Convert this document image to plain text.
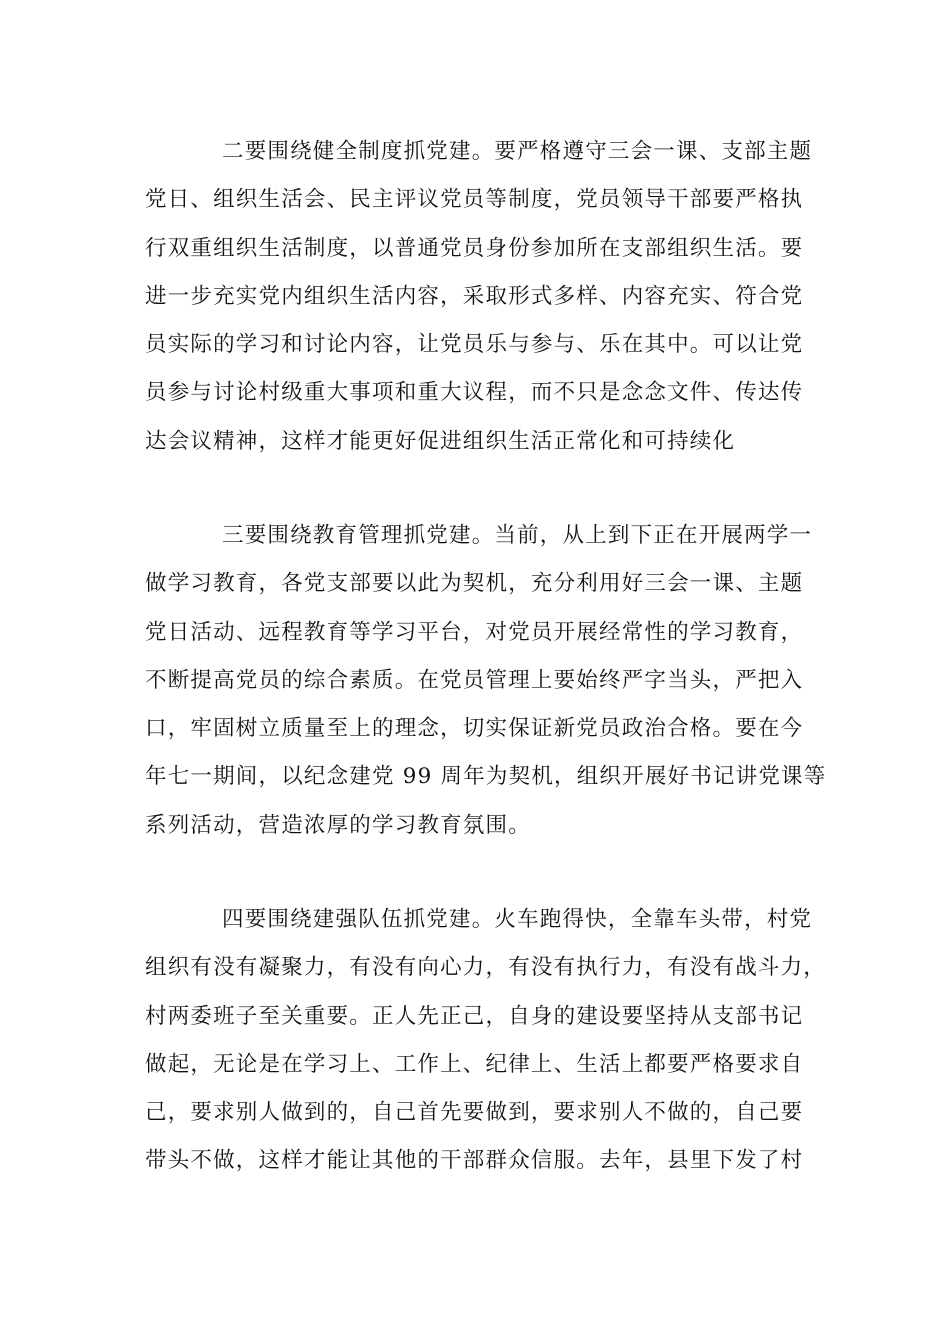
二要围绕健全制度抓党建。要严格遵守三会一课、支部主题
党日、组织生活会、民主评议党员等制度，党员领导干部要严格执
行双重组织生活制度，以普通党员身份参加所在支部组织生活。要
进一步充实党内组织生活内容，采取形式多样、内容充实、符合党
员实际的学习和讨论内容，让党员乐与参与、乐在其中。可以让党
员参与讨论村级重大事项和重大议程，而不只是念念文件、传达传
达会议精神，这样才能更好促进组织生活正常化和可持续化
三要围绕教育管理抓党建。当前，从上到下正在开展两学一
做学习教育，各党支部要以此为契机，充分利用好三会一课、主题
党日活动、远程教育等学习平台，对党员开展经常性的学习教育，
不断提高党员的综合素质。在党员管理上要始终严字当头，严把入
口，牢固树立质量至上的理念，切实保证新党员政治合格。要在今
年七一期间，以纪念建党 99 周年为契机，组织开展好书记讲党课等
系列活动，营造浓厚的学习教育氛围。
四要围绕建强队伍抓党建。火车跑得快，全靠车头带，村党
组织有没有凝聚力，有没有向心力，有没有执行力，有没有战斗力，
村两委班子至关重要。正人先正己，自身的建设要坚持从支部书记
做起，无论是在学习上、工作上、纪律上、生活上都要严格要求自
己，要求别人做到的，自己首先要做到，要求别人不做的，自己要
带头不做，这样才能让其他的干部群众信服。去年，县里下发了村
